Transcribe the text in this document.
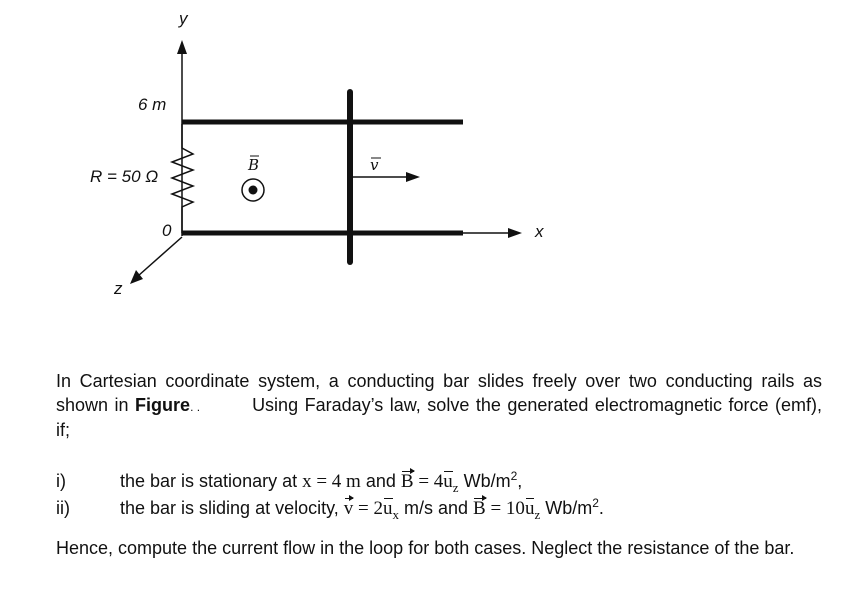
y
x
z
6 m
R = 50 Ω
0
B	v

In Cartesian coordinate system, a conducting bar slides freely over two conducting rails as shown in Figure. .	Using Faraday’s law, solve the generated electromagnetic force (emf), if;

i)	the bar is stationary at x = 4 m and $B = 4u_z$ $Wb/m^2$,
ii)	the bar is sliding at velocity, $v = 2u_x$ m/s and $B = 10u_z$ $Wb/m^2$.

Hence, compute the current flow in the loop for both cases. Neglect the resistance of the bar.
